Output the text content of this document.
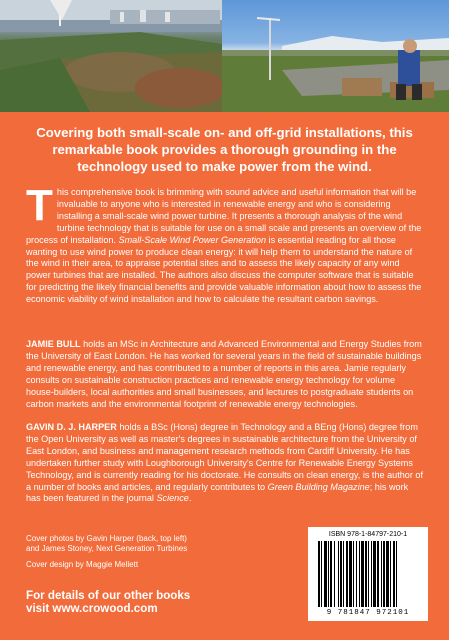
Covering both small-scale on- and off-grid installations, this remarkable book provides a thorough grounding in the technology used to make power from the wind.
This comprehensive book is brimming with sound advice and useful information that will be invaluable to anyone who is interested in renewable energy and who is considering installing a small-scale wind power turbine. It presents a thorough analysis of the wind turbine technology that is suitable for use on a small scale and presents an overview of the process of installation. Small-Scale Wind Power Generation is essential reading for all those wanting to use wind power to produce clean energy: it will help them to understand the nature of the wind in their area, to appraise potential sites and to assess the likely capacity of any wind power turbines that are installed. The authors also discuss the computer software that is suitable for predicting the likely financial benefits and provide valuable information about how to assess the economic viability of wind installation and how to calculate the resultant carbon savings.
JAMIE BULL holds an MSc in Architecture and Advanced Environmental and Energy Studies from the University of East London. He has worked for several years in the field of sustainable buildings and renewable energy, and has contributed to a number of reports in this area. Jamie regularly consults on sustainable construction practices and renewable energy technology for volume house-builders, local authorities and small businesses, and lectures to postgraduate students on carbon markets and the environmental footprint of renewable energy technologies.
GAVIN D. J. HARPER holds a BSc (Hons) degree in Technology and a BEng (Hons) degree from the Open University as well as master's degrees in sustainable architecture from the University of East London, and business and management research methods from Cardiff University. He has undertaken further study with Loughborough University's Centre for Renewable Energy Systems Technology, and is currently reading for his doctorate. He consults on clean energy, is the author of a number of books and articles, and regularly contributes to Green Building Magazine; his work has been featured in the journal Science.
Cover photos by Gavin Harper (back, top left)
and James Stoney, Next Generation Turbines
Cover design by Maggie Mellett
For details of our other books
visit www.crowood.com
ISBN 978-1-84797-210-1
9 781847 972101
